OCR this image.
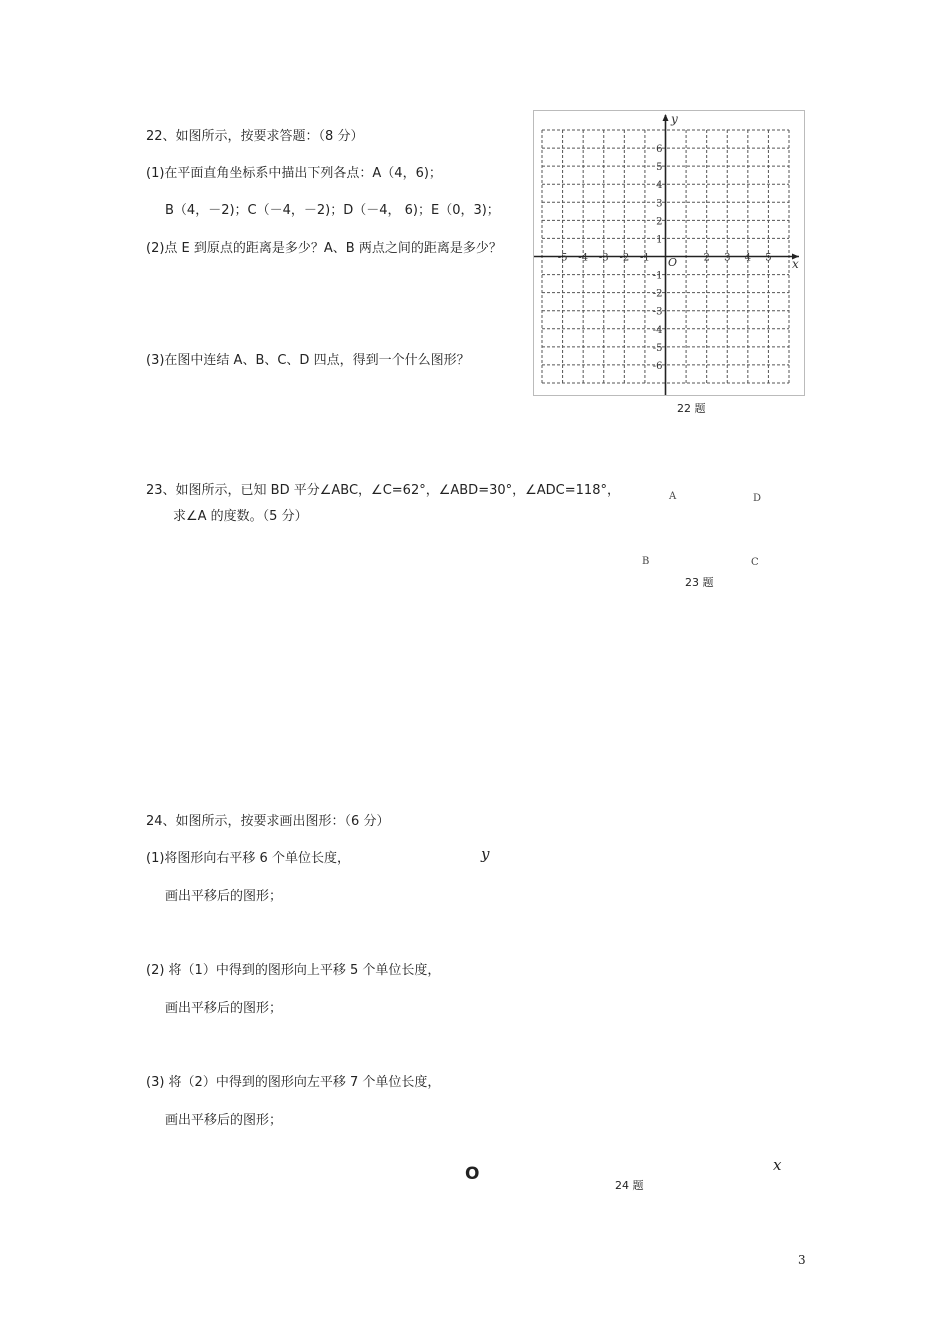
22、如图所示，按要求答题：（8 分）
(1)在平面直角坐标系中描出下列各点：A（4，6)；
B（4，－2)；C（－4，－2)；D（－4， 6)；E（0，3)；
(2)点 E 到原点的距离是多少？A、B 两点之间的距离是多少？
(3)在图中连结 A、B、C、D 四点，得到一个什么图形？
-5 -4 -3 -2 -1	2 3 4 5
6
5
4
3
2
1
-1
-2
-3
-4
-5
-6
x
y
O
22 题
23、如图所示，已知 BD 平分∠ABC，∠C=62°，∠ABD=30°，∠ADC=118°，
求∠A 的度数。（5 分）
A	D
B	C
23 题
24、如图所示，按要求画出图形：（6 分）
(1)将图形向右平移 6 个单位长度，
画出平移后的图形；
(2) 将（1）中得到的图形向上平移 5 个单位长度，
画出平移后的图形；
(3) 将（2）中得到的图形向左平移 7 个单位长度，
画出平移后的图形；
y
x
O
24 题
3
